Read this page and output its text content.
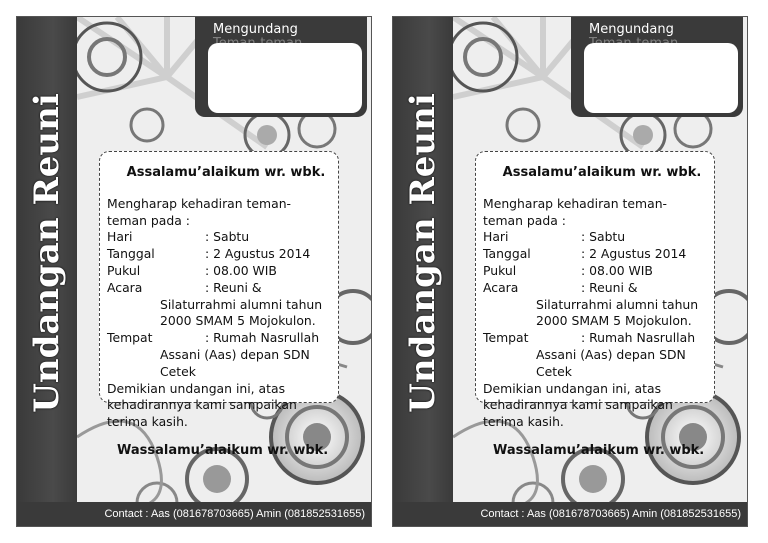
Undangan Reuni
Mengundang
Assalamu’alaikum wr. wbk.
Mengharap kehadiran teman-
teman pada :
Hari	: Sabtu
Tanggal	: 2 Agustus 2014
Pukul	: 08.00 WIB
Acara	: Reuni &
Silaturrahmi alumni tahun
2000 SMAM 5 Mojokulon.
Tempat	: Rumah Nasrullah
Assani (Aas) depan SDN
Cetek
Demikian undangan ini, atas
kehadirannya kami sampaikan
terima kasih.
Wassalamu’alaikum wr. wbk.
Contact : Aas (081678703665) Amin (081852531655)
Undangan Reuni
Mengundang
Assalamu’alaikum wr. wbk.
Mengharap kehadiran teman-
teman pada :
Hari	: Sabtu
Tanggal	: 2 Agustus 2014
Pukul	: 08.00 WIB
Acara	: Reuni &
Silaturrahmi alumni tahun
2000 SMAM 5 Mojokulon.
Tempat	: Rumah Nasrullah
Assani (Aas) depan SDN
Cetek
Demikian undangan ini, atas
kehadirannya kami sampaikan
terima kasih.
Wassalamu’alaikum wr. wbk.
Contact : Aas (081678703665) Amin (081852531655)
